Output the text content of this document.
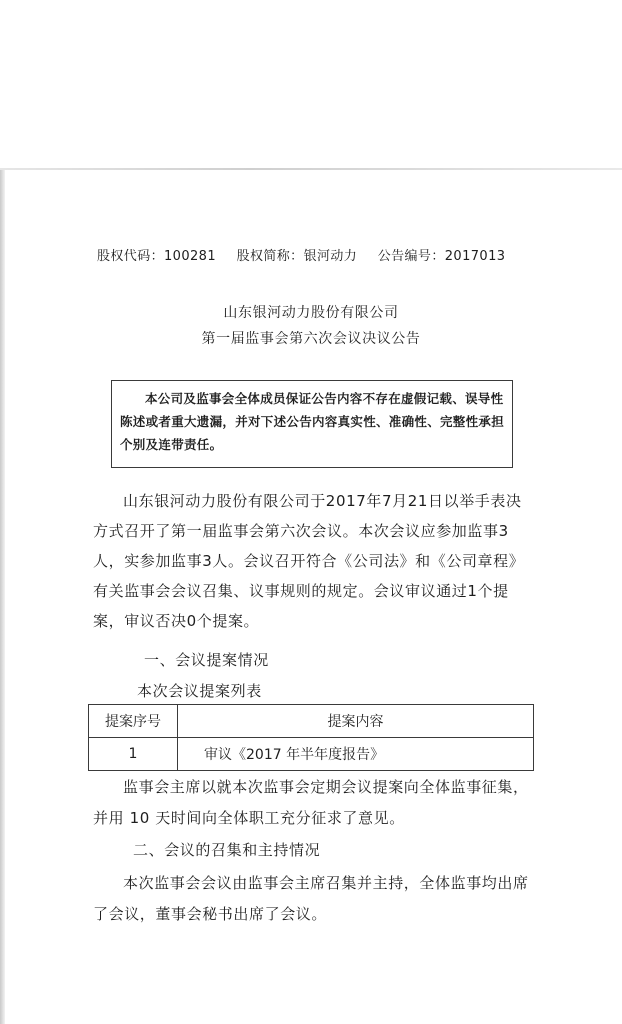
股权代码：100281 股权简称：银河动力 公告编号：2017013
山东银河动力股份有限公司
第一届监事会第六次会议决议公告
本公司及监事会全体成员保证公告内容不存在虚假记载、误导性陈述或者重大遗漏，并对下述公告内容真实性、准确性、完整性承担个别及连带责任。
山东银河动力股份有限公司于2017年7月21日以举手表决方式召开了第一届监事会第六次会议。本次会议应参加监事3人，实参加监事3人。会议召开符合《公司法》和《公司章程》有关监事会会议召集、议事规则的规定。会议审议通过1个提案，审议否决0个提案。
一、会议提案情况
本次会议提案列表
提案序号	提案内容
1	审议《2017 年半年度报告》
监事会主席以就本次监事会定期会议提案向全体监事征集，并用 10 天时间向全体职工充分征求了意见。
二、会议的召集和主持情况
本次监事会会议由监事会主席召集并主持，全体监事均出席了会议，董事会秘书出席了会议。
